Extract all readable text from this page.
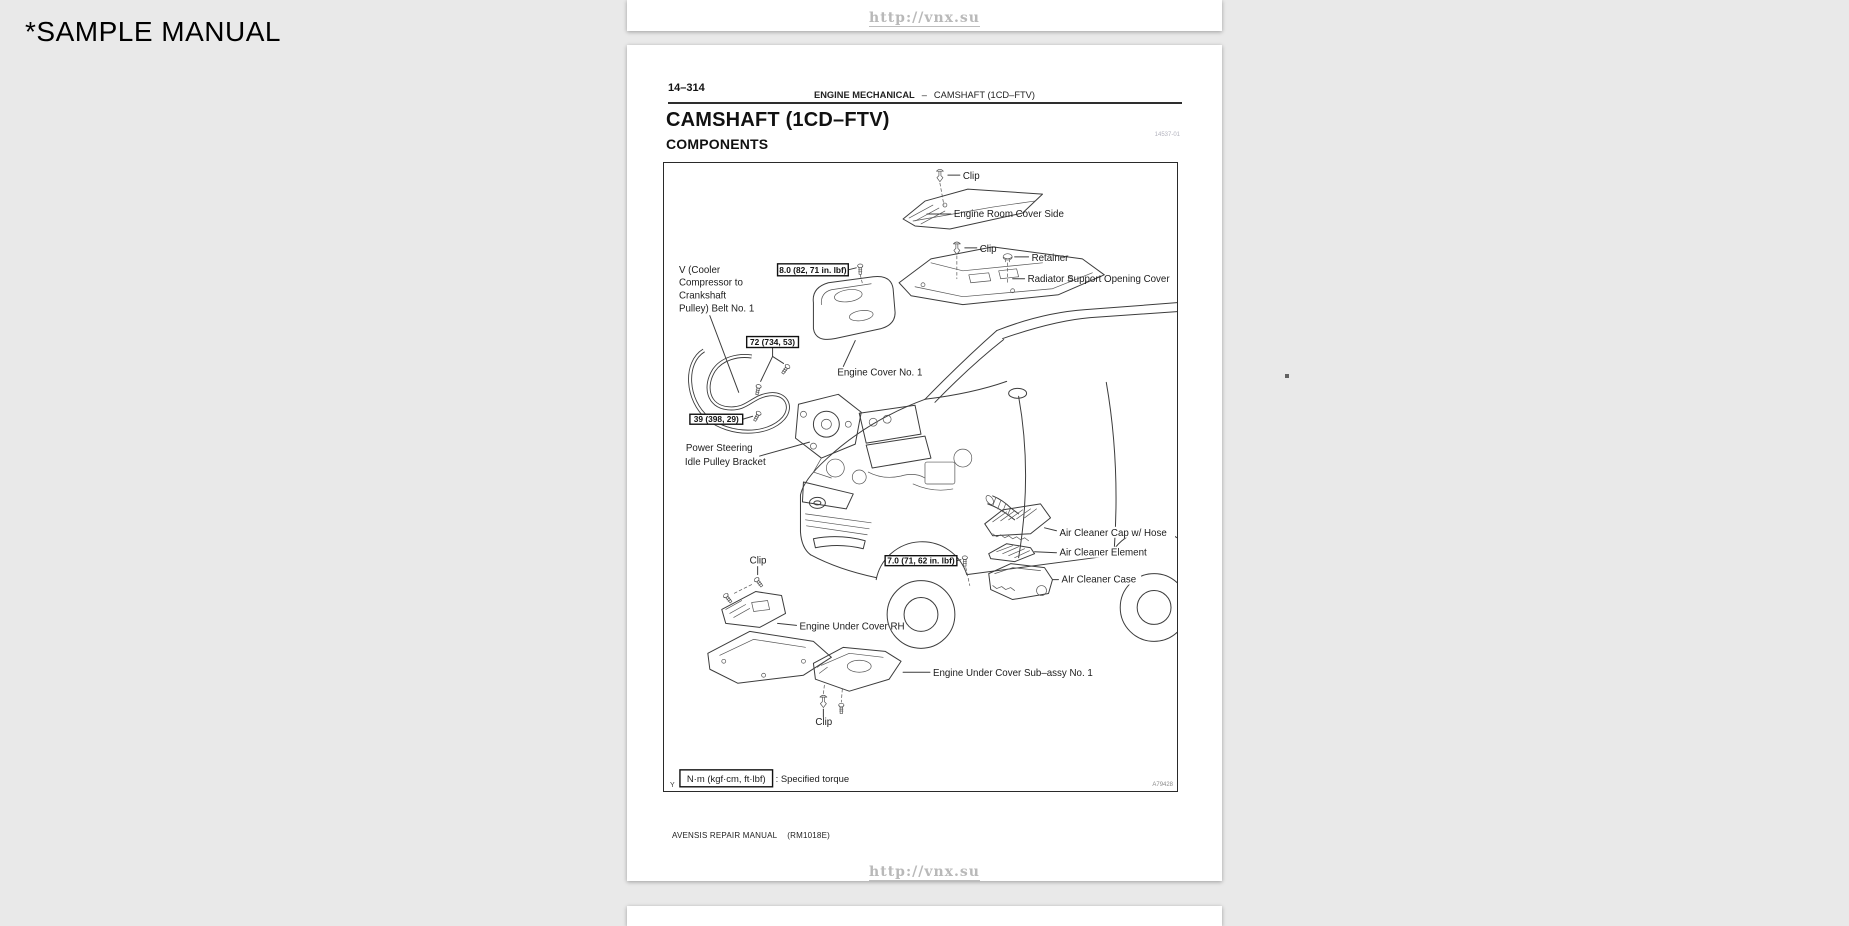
*SAMPLE MANUAL	http://vnx.su
14–314
ENGINE MECHANICAL – CAMSHAFT (1CD–FTV)
CAMSHAFT (1CD–FTV)
COMPONENTS
14537-01
8.0 (82, 71 in. lbf)
72 (734, 53)
39 (398, 29)
7.0 (71, 62 in. lbf)
Clip
Engine Room Cover Side
Clip
Retainer
Radiator Support Opening Cover
V (Cooler
Compressor to
Crankshaft
Pulley) Belt No. 1
Engine Cover No. 1
Power Steering
Idle Pulley Bracket
Air Cleaner Cap w/ Hose
Air Cleaner Element
AIr Cleaner Case
Clip
Engine Under Cover RH
Engine Under Cover Sub–assy No. 1
Clip
Y
N·m (kgf·cm, ft·lbf) : Specified torque	A79428
AVENSIS REPAIR MANUAL (RM1018E)
http://vnx.su
